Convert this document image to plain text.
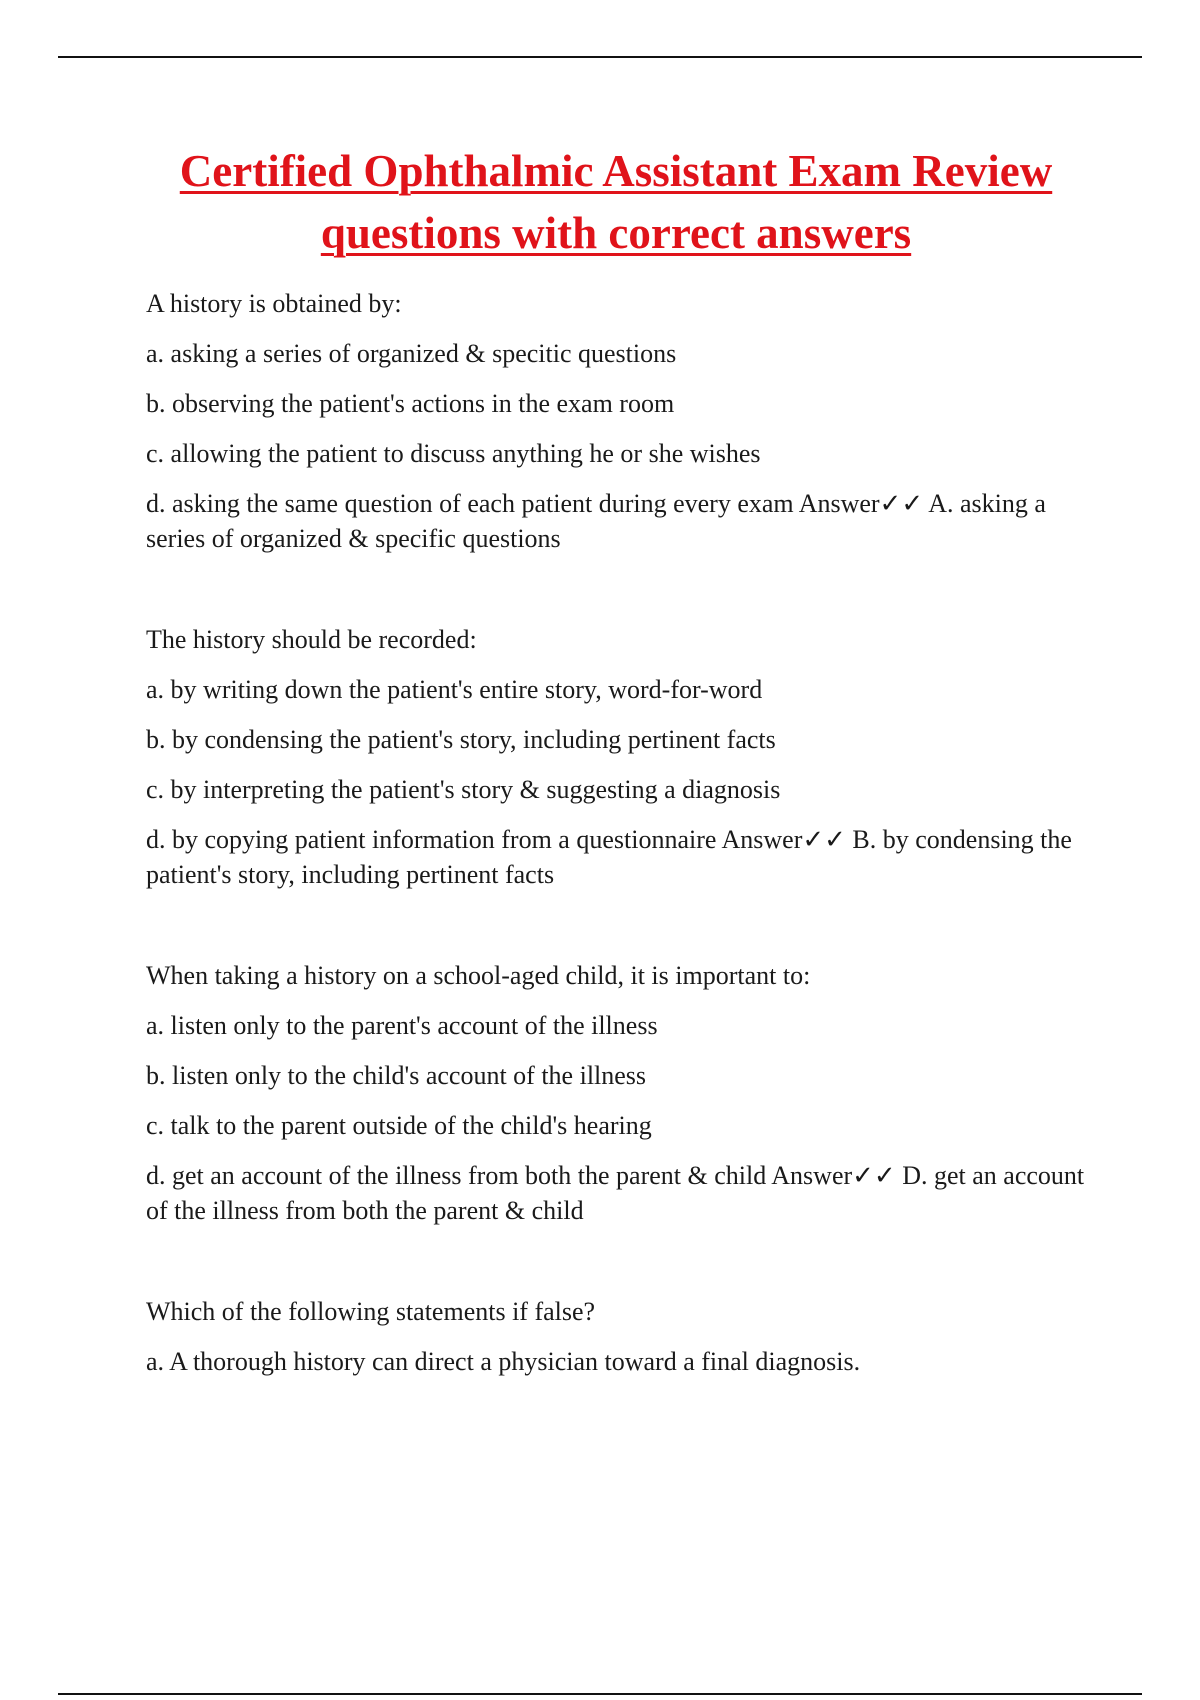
Certified Ophthalmic Assistant Exam Review questions with correct answers

A history is obtained by:

a. asking a series of organized & specitic questions

b. observing the patient's actions in the exam room

c. allowing the patient to discuss anything he or she wishes

d. asking the same question of each patient during every exam Answer✓✓ A. asking a series of organized & specific questions

The history should be recorded:

a. by writing down the patient's entire story, word-for-word

b. by condensing the patient's story, including pertinent facts

c. by interpreting the patient's story & suggesting a diagnosis

d. by copying patient information from a questionnaire Answer✓✓ B. by condensing the patient's story, including pertinent facts

When taking a history on a school-aged child, it is important to:

a. listen only to the parent's account of the illness

b. listen only to the child's account of the illness

c. talk to the parent outside of the child's hearing

d. get an account of the illness from both the parent & child Answer✓✓ D. get an account of the illness from both the parent & child

Which of the following statements if false?

a. A thorough history can direct a physician toward a final diagnosis.
